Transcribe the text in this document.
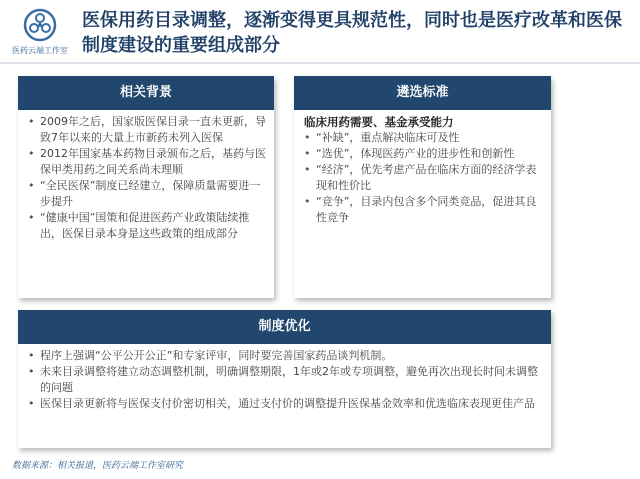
医药云端工作室
医保用药目录调整，逐渐变得更具规范性，同时也是医疗改革和医保制度建设的重要组成部分
相关背景
• 2009年之后，国家版医保目录一直未更新，导致7年以来的大量上市新药未列入医保
• 2012年国家基本药物目录颁布之后，基药与医保甲类用药之间关系尚未理顺
• “全民医保”制度已经建立，保障质量需要进一步提升
• “健康中国”国策和促进医药产业政策陆续推出，医保目录本身是这些政策的组成部分
遴选标准
临床用药需要、基金承受能力
• “补缺”，重点解决临床可及性
• “选优”，体现医药产业的进步性和创新性
• “经济”，优先考虑产品在临床方面的经济学表现和性价比
• “竞争”，目录内包含多个同类竞品，促进其良性竞争
制度优化
• 程序上强调“公平公开公正”和专家评审，同时要完善国家药品谈判机制。
• 未来目录调整将建立动态调整机制，明确调整期限，1年或2年或专项调整，避免再次出现长时间未调整的问题
• 医保目录更新将与医保支付价密切相关，通过支付价的调整提升医保基金效率和优选临床表现更佳产品
数据来源：相关报道，医药云端工作室研究
